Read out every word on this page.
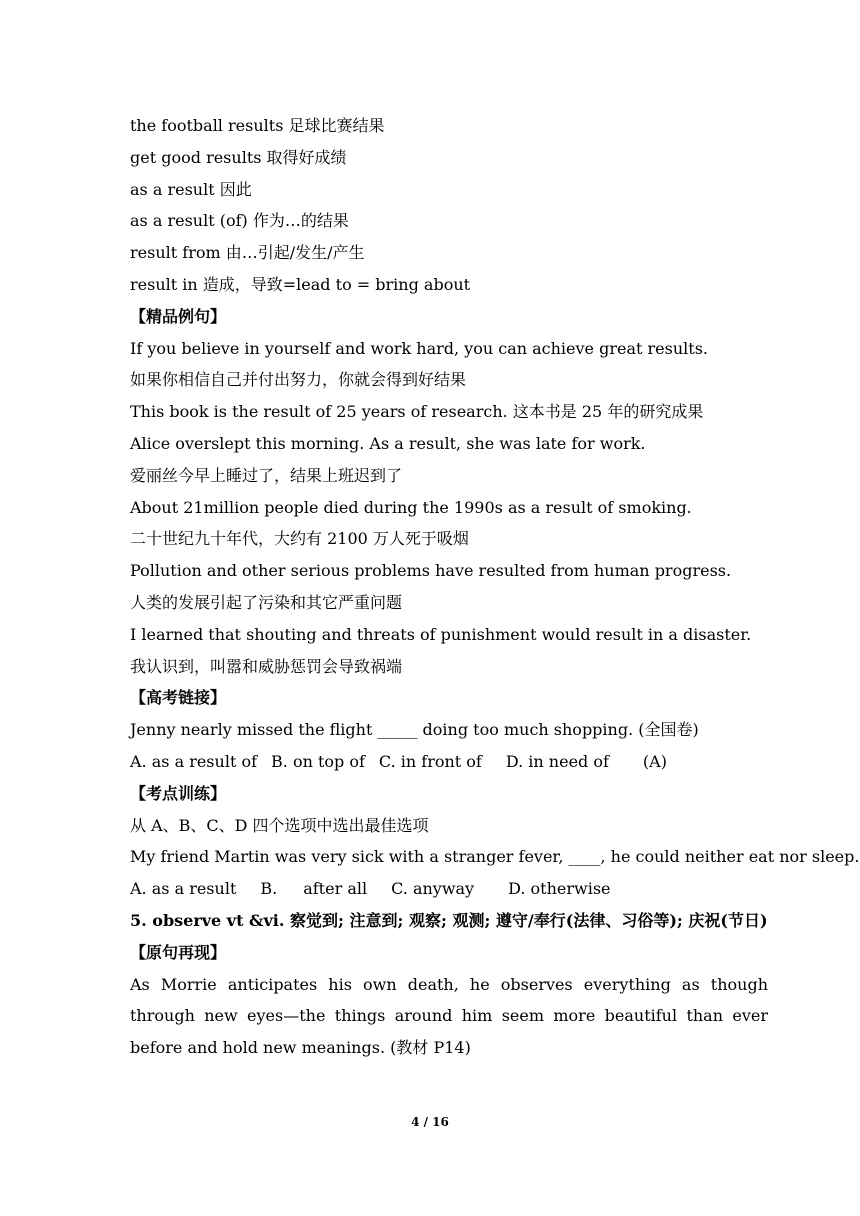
the football results 足球比赛结果
get good results 取得好成绩
as a result 因此
as a result (of) 作为…的结果
result from 由…引起/发生/产生
result in 造成，导致=lead to = bring about
【精品例句】
If you believe in yourself and work hard, you can achieve great results.
如果你相信自己并付出努力，你就会得到好结果
This book is the result of 25 years of research. 这本书是 25 年的研究成果
Alice overslept this morning. As a result, she was late for work.
爱丽丝今早上睡过了，结果上班迟到了
About 21million people died during the 1990s as a result of smoking.
二十世纪九十年代，大约有 2100 万人死于吸烟
Pollution and other serious problems have resulted from human progress.
人类的发展引起了污染和其它严重问题
I learned that shouting and threats of punishment would result in a disaster.
我认识到，叫嚣和威胁惩罚会导致祸端
【高考链接】
Jenny nearly missed the flight _____ doing too much shopping. (全国卷)
A. as a result of B. on top of C. in front of D. in need of (A)
【考点训练】
从 A、B、C、D 四个选项中选出最佳选项
My friend Martin was very sick with a stranger fever, ____, he could neither eat nor sleep.
A. as a result B. after all C. anyway D. otherwise
5. observe vt &vi. 察觉到; 注意到; 观察; 观测; 遵守/奉行(法律、习俗等); 庆祝(节日)
【原句再现】
As Morrie anticipates his own death, he observes everything as though through new eyes—the things around him seem more beautiful than ever before and hold new meanings. (教材 P14)
4 / 16
